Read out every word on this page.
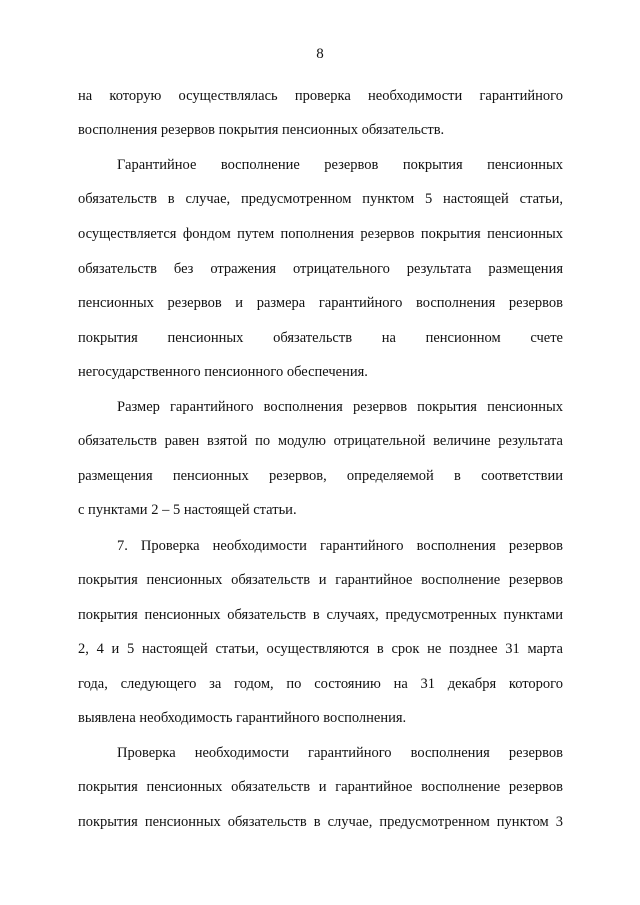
8
на которую осуществлялась проверка необходимости гарантийного
восполнения резервов покрытия пенсионных обязательств.
Гарантийное восполнение резервов покрытия пенсионных
обязательств в случае, предусмотренном пунктом 5 настоящей статьи,
осуществляется фондом путем пополнения резервов покрытия пенсионных
обязательств без отражения отрицательного результата размещения
пенсионных резервов и размера гарантийного восполнения резервов
покрытия пенсионных обязательств на пенсионном счете
негосударственного пенсионного обеспечения.
Размер гарантийного восполнения резервов покрытия пенсионных
обязательств равен взятой по модулю отрицательной величине результата
размещения пенсионных резервов, определяемой в соответствии
с пунктами 2 – 5 настоящей статьи.
7. Проверка необходимости гарантийного восполнения резервов
покрытия пенсионных обязательств и гарантийное восполнение резервов
покрытия пенсионных обязательств в случаях, предусмотренных пунктами
2, 4 и 5 настоящей статьи, осуществляются в срок не позднее 31 марта
года, следующего за годом, по состоянию на 31 декабря которого
выявлена необходимость гарантийного восполнения.
Проверка необходимости гарантийного восполнения резервов
покрытия пенсионных обязательств и гарантийное восполнение резервов
покрытия пенсионных обязательств в случае, предусмотренном пунктом 3
